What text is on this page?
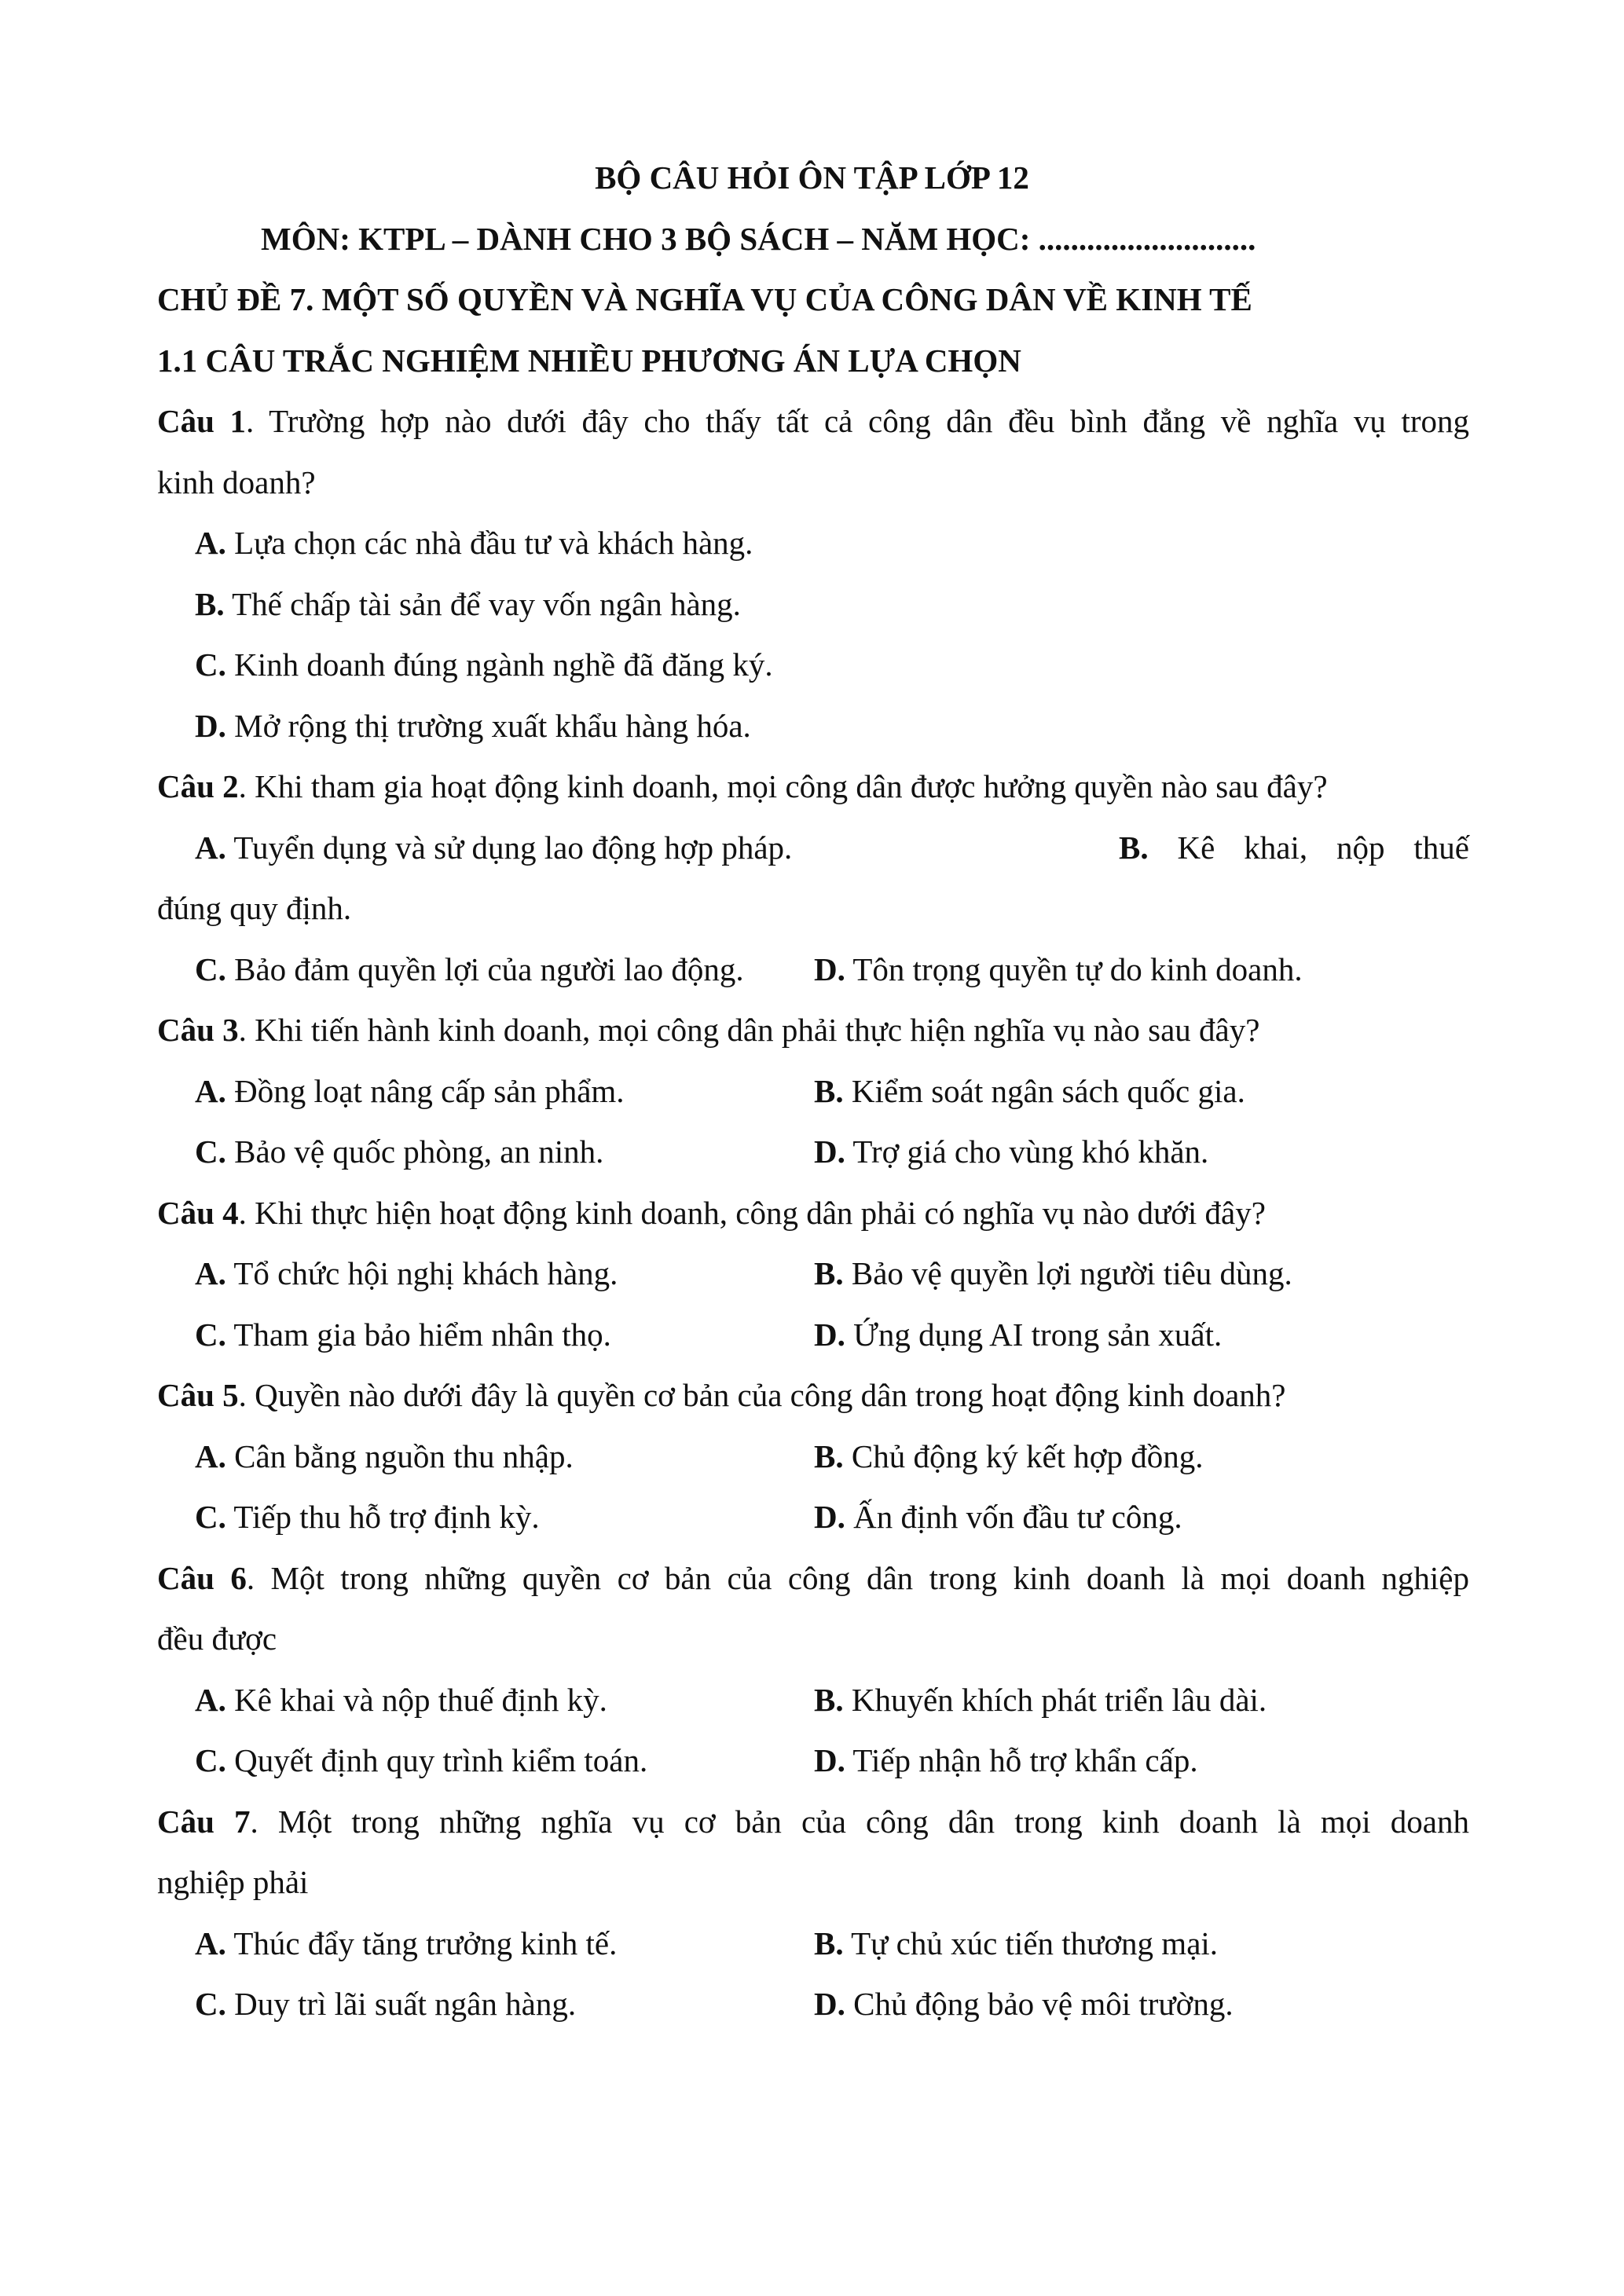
BỘ CÂU HỎI ÔN TẬP LỚP 12
MÔN: KTPL – DÀNH CHO 3 BỘ SÁCH – NĂM HỌC: ...........................
CHỦ ĐỀ 7. MỘT SỐ QUYỀN VÀ NGHĨA VỤ CỦA CÔNG DÂN VỀ KINH TẾ
1.1 CÂU TRẮC NGHIỆM NHIỀU PHƯƠNG ÁN LỰA CHỌN
Câu 1. Trường hợp nào dưới đây cho thấy tất cả công dân đều bình đẳng về nghĩa vụ trong
kinh doanh?
A. Lựa chọn các nhà đầu tư và khách hàng.
B. Thế chấp tài sản để vay vốn ngân hàng.
C. Kinh doanh đúng ngành nghề đã đăng ký.
D. Mở rộng thị trường xuất khẩu hàng hóa.
Câu 2. Khi tham gia hoạt động kinh doanh, mọi công dân được hưởng quyền nào sau đây?
A. Tuyển dụng và sử dụng lao động hợp pháp.	B. Kê khai, nộp thuế
đúng quy định.
C. Bảo đảm quyền lợi của người lao động. D. Tôn trọng quyền tự do kinh doanh.
Câu 3. Khi tiến hành kinh doanh, mọi công dân phải thực hiện nghĩa vụ nào sau đây?
A. Đồng loạt nâng cấp sản phẩm.	B. Kiểm soát ngân sách quốc gia.
C. Bảo vệ quốc phòng, an ninh.	D. Trợ giá cho vùng khó khăn.
Câu 4. Khi thực hiện hoạt động kinh doanh, công dân phải có nghĩa vụ nào dưới đây?
A. Tổ chức hội nghị khách hàng.	B. Bảo vệ quyền lợi người tiêu dùng.
C. Tham gia bảo hiểm nhân thọ.	D. Ứng dụng AI trong sản xuất.
Câu 5. Quyền nào dưới đây là quyền cơ bản của công dân trong hoạt động kinh doanh?
A. Cân bằng nguồn thu nhập.	B. Chủ động ký kết hợp đồng.
C. Tiếp thu hỗ trợ định kỳ.	D. Ấn định vốn đầu tư công.
Câu 6. Một trong những quyền cơ bản của công dân trong kinh doanh là mọi doanh nghiệp
đều được
A. Kê khai và nộp thuế định kỳ.	B. Khuyến khích phát triển lâu dài.
C. Quyết định quy trình kiểm toán.	D. Tiếp nhận hỗ trợ khẩn cấp.
Câu 7. Một trong những nghĩa vụ cơ bản của công dân trong kinh doanh là mọi doanh
nghiệp phải
A. Thúc đẩy tăng trưởng kinh tế.	B. Tự chủ xúc tiến thương mại.
C. Duy trì lãi suất ngân hàng.	D. Chủ động bảo vệ môi trường.
